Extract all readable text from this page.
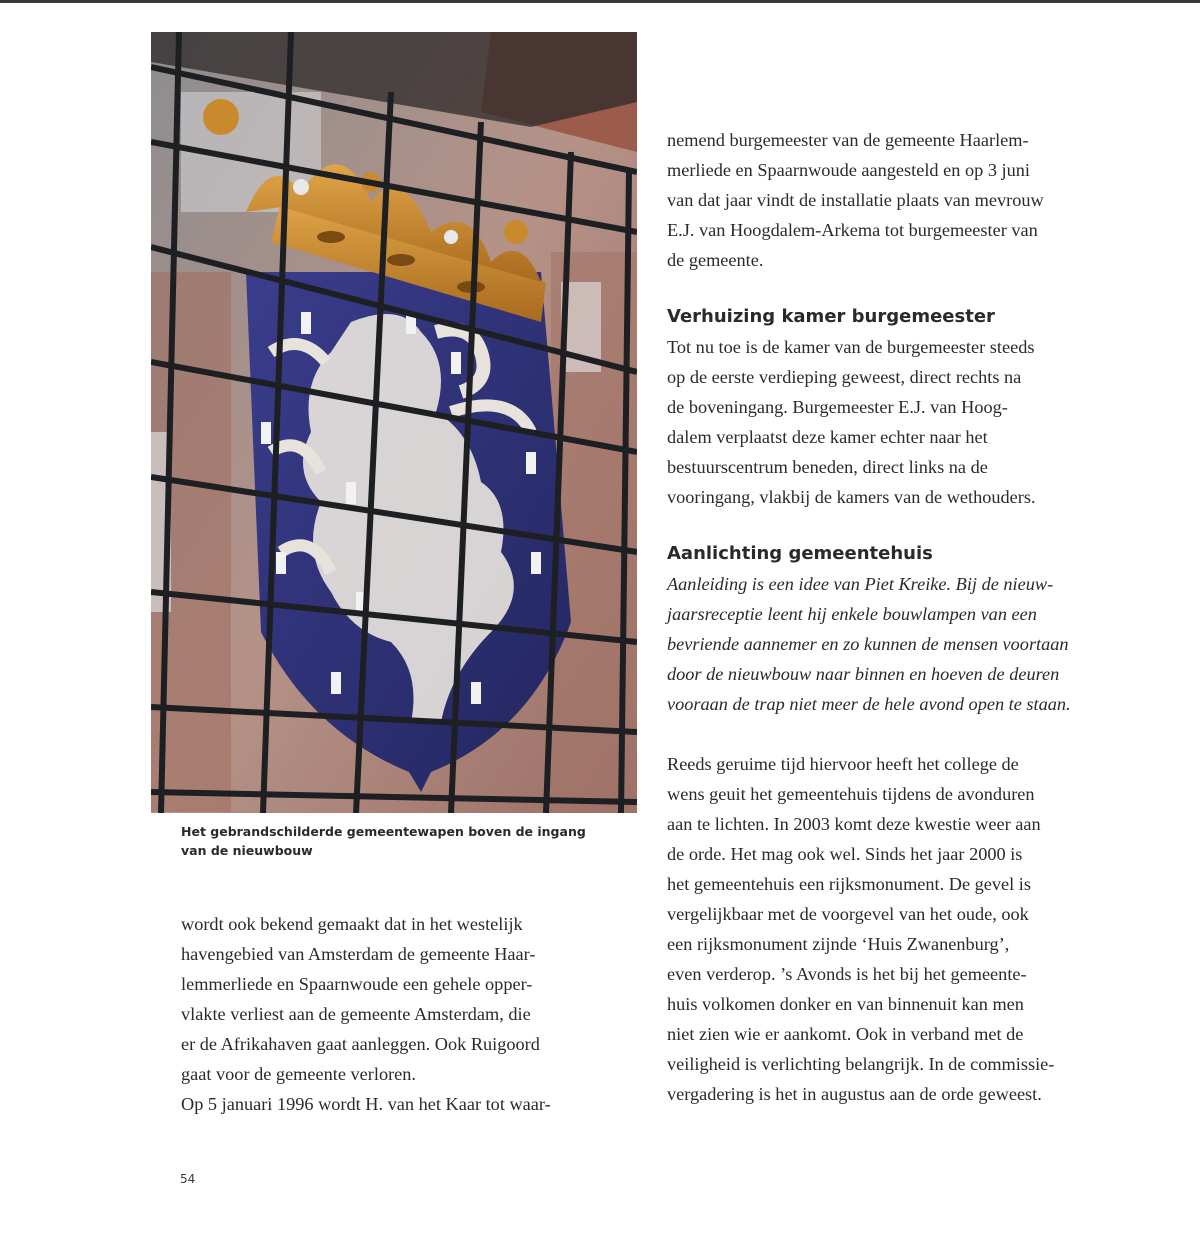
Het gebrandschilderde gemeentewapen boven de ingang
van de nieuwbouw
wordt ook bekend gemaakt dat in het westelijk
havengebied van Amsterdam de gemeente Haar-
lemmerliede en Spaarnwoude een gehele opper-
vlakte verliest aan de gemeente Amsterdam, die
er de Afrikahaven gaat aanleggen. Ook Ruigoord
gaat voor de gemeente verloren.
Op 5 januari 1996 wordt H. van het Kaar tot waar-
nemend burgemeester van de gemeente Haarlem-
merliede en Spaarnwoude aangesteld en op 3 juni
van dat jaar vindt de installatie plaats van mevrouw
E.J. van Hoogdalem-Arkema tot burgemeester van
de gemeente.
Verhuizing kamer burgemeester
Tot nu toe is de kamer van de burgemeester steeds
op de eerste verdieping geweest, direct rechts na
de boveningang. Burgemeester E.J. van Hoog-
dalem verplaatst deze kamer echter naar het
bestuurscentrum beneden, direct links na de
vooringang, vlakbij de kamers van de wethouders.
Aanlichting gemeentehuis
Aanleiding is een idee van Piet Kreike. Bij de nieuw-
jaarsreceptie leent hij enkele bouwlampen van een
bevriende aannemer en zo kunnen de mensen voortaan
door de nieuwbouw naar binnen en hoeven de deuren
vooraan de trap niet meer de hele avond open te staan.
Reeds geruime tijd hiervoor heeft het college de
wens geuit het gemeentehuis tijdens de avonduren
aan te lichten. In 2003 komt deze kwestie weer aan
de orde. Het mag ook wel. Sinds het jaar 2000 is
het gemeentehuis een rijksmonument. De gevel is
vergelijkbaar met de voorgevel van het oude, ook
een rijksmonument zijnde ‘Huis Zwanenburg’,
even verderop. ’s Avonds is het bij het gemeente-
huis volkomen donker en van binnenuit kan men
niet zien wie er aankomt. Ook in verband met de
veiligheid is verlichting belangrijk. In de commissie-
vergadering is het in augustus aan de orde geweest.
54
